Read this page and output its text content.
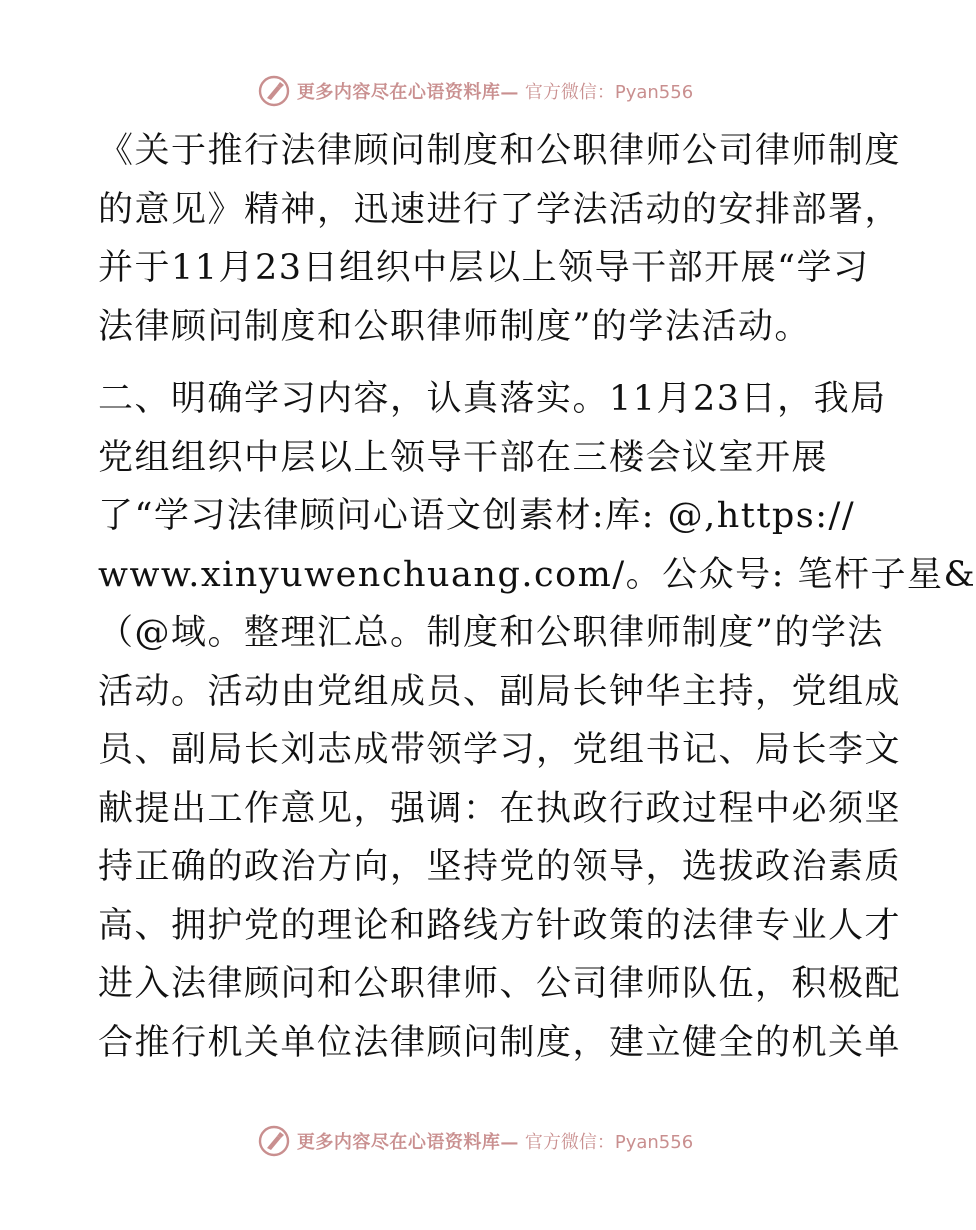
更多内容尽在心语资料库— 官方微信：Pyan556
《关于推行法律顾问制度和公职律师公司律师制度
的意见》精神，迅速进行了学法活动的安排部署，
并于11月23日组织中层以上领导干部开展“学习
法律顾问制度和公职律师制度”的学法活动。
二、明确学习内容，认真落实。11月23日，我局
党组组织中层以上领导干部在三楼会议室开展
了“学习法律顾问心语文创素材:库: @,https://
www.xinyuwenchuang.com/。公众号: 笔杆子星&
（@域。整理汇总。制度和公职律师制度”的学法
活动。活动由党组成员、副局长钟华主持，党组成
员、副局长刘志成带领学习，党组书记、局长李文
献提出工作意见，强调：在执政行政过程中必须坚
持正确的政治方向，坚持党的领导，选拔政治素质
高、拥护党的理论和路线方针政策的法律专业人才
进入法律顾问和公职律师、公司律师队伍，积极配
合推行机关单位法律顾问制度，建立健全的机关单
更多内容尽在心语资料库— 官方微信：Pyan556
